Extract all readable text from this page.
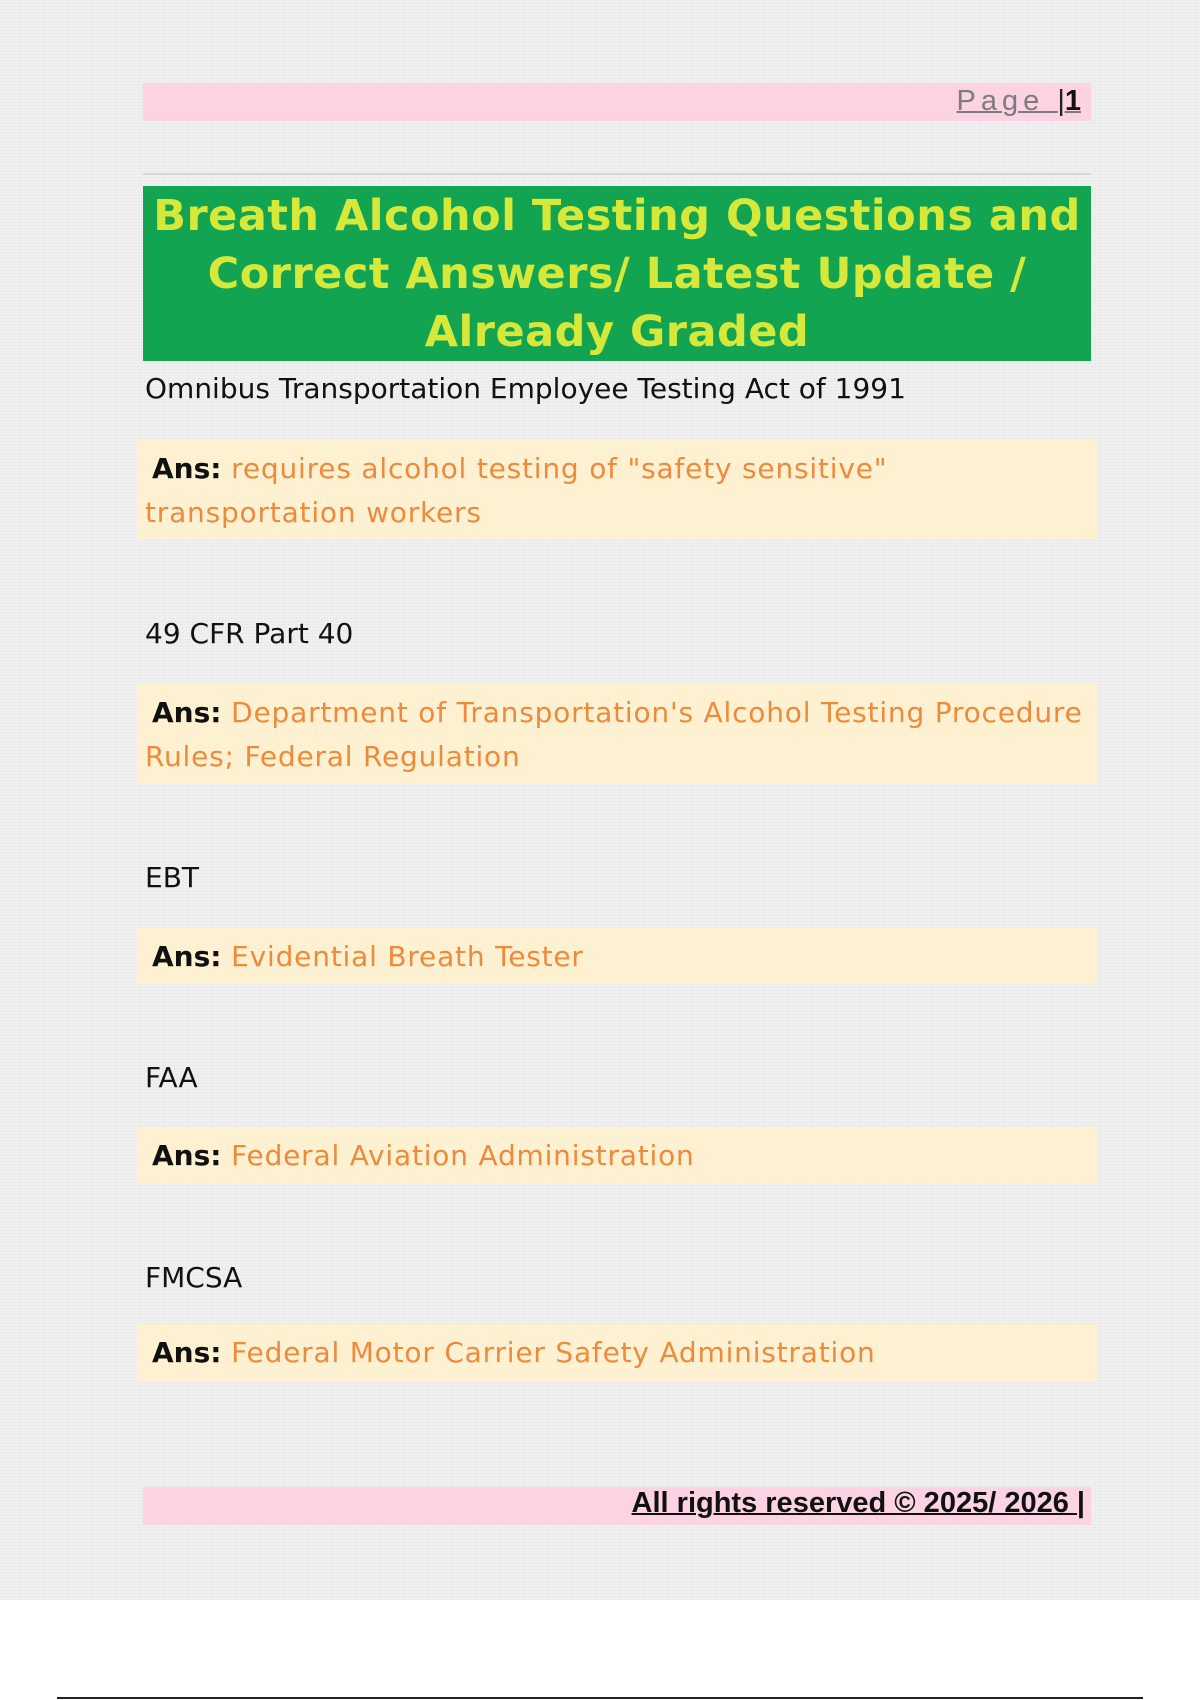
Page |1
Breath Alcohol Testing Questions and Correct Answers/ Latest Update / Already Graded
Omnibus Transportation Employee Testing Act of 1991
Ans: requires alcohol testing of "safety sensitive" transportation workers
49 CFR Part 40
Ans: Department of Transportation's Alcohol Testing Procedure Rules; Federal Regulation
EBT
Ans: Evidential Breath Tester
FAA
Ans: Federal Aviation Administration
FMCSA
Ans: Federal Motor Carrier Safety Administration
All rights reserved © 2025/ 2026 |
